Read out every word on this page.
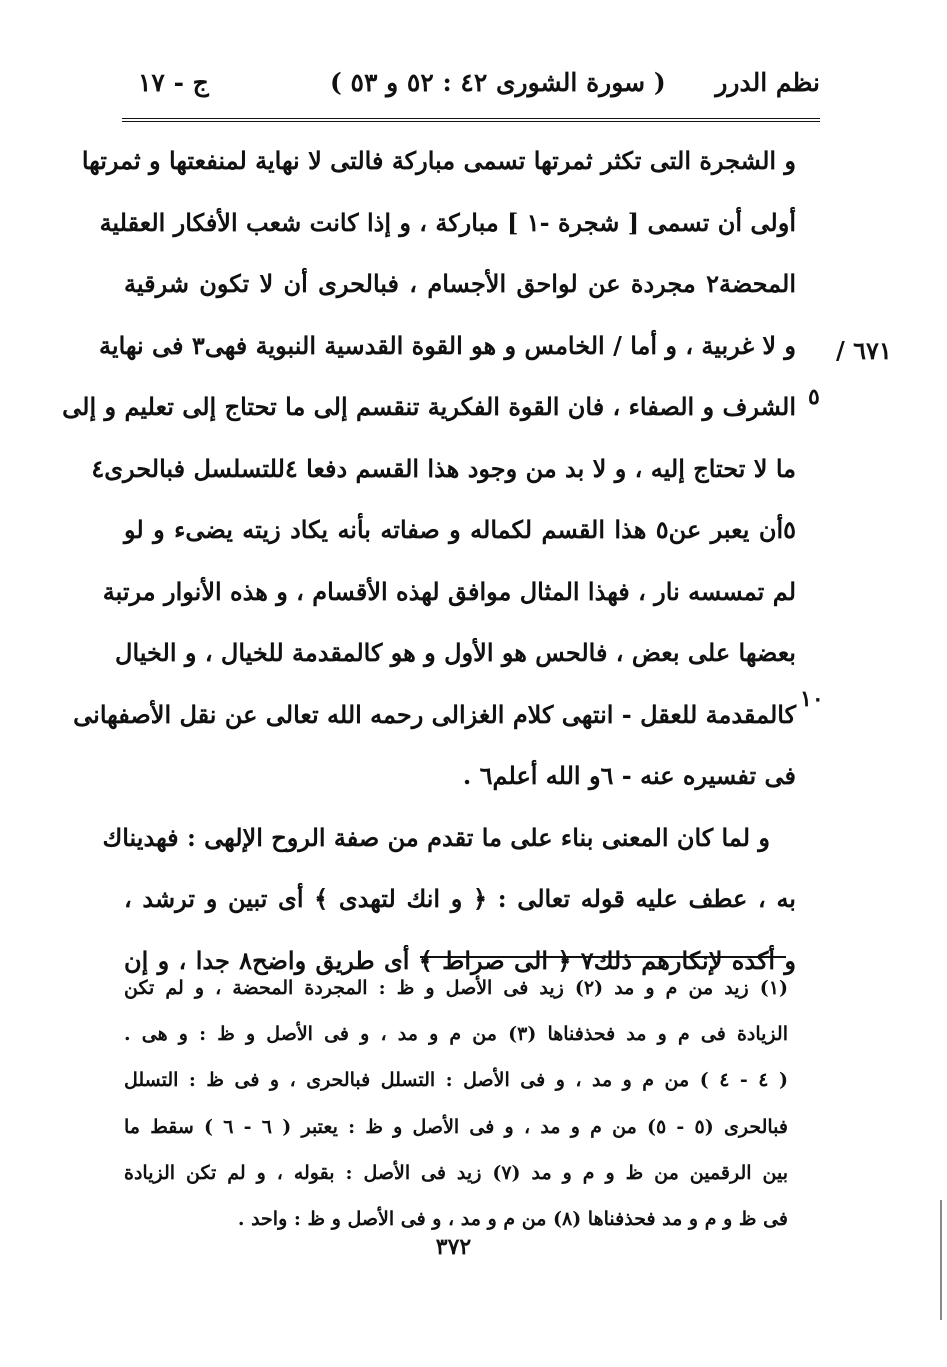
نظم الدرر
( سورة الشورى ٤٢ : ٥٢ و ٥٣ )
ج - ١٧
/ ٦٧١
٥
١٠
و الشجرة التى تكثر ثمرتها تسمى مباركة فالتى لا نهاية لمنفعتها و ثمرتها
أولى أن تسمى [ شجرة -١ ] مباركة ، و إذا كانت شعب الأفكار العقلية
المحضة٢ مجردة عن لواحق الأجسام ، فبالحرى أن لا تكون شرقية
و لا غربية ، و أما / الخامس و هو القوة القدسية النبوية فهى٣ فى نهاية
الشرف و الصفاء ، فان القوة الفكرية تنقسم إلى ما تحتاج إلى تعليم و إلى
ما لا تحتاج إليه ، و لا بد من وجود هذا القسم دفعا ٤للتسلسل فبالحرى٤
٥أن يعبر عن٥ هذا القسم لكماله و صفاته بأنه يكاد زيته يضىء و لو
لم تمسسه نار ، فهذا المثال موافق لهذه الأقسام ، و هذه الأنوار مرتبة
بعضها على بعض ، فالحس هو الأول و هو كالمقدمة للخيال ، و الخيال
كالمقدمة للعقل - انتهى كلام الغزالى رحمه الله تعالى عن نقل الأصفهانى
فى تفسيره عنه - ٦و الله أعلم٦ .
و لما كان المعنى بناء على ما تقدم من صفة الروح الإلهى : فهديناك
به ، عطف عليه قوله تعالى : ﴿ و انك لتهدى ﴾ أى تبين و ترشد ،
و أكده لإنكارهم ذلك٧ ﴿ الى صراط ﴾ أى طريق واضح٨ جدا ، و إن
(١) زيد من م و مد (٢) زيد فى الأصل و ظ : المجردة المحضة ، و لم تكن
الزيادة فى م و مد فحذفناها (٣) من م و مد ، و فى الأصل و ظ : و هى .
( ٤ - ٤ ) من م و مد ، و فى الأصل : التسلل فبالحرى ، و فى ظ : التسلل
فبالحرى (٥ - ٥) من م و مد ، و فى الأصل و ظ : يعتبر ( ٦ - ٦ ) سقط ما
بين الرقمين من ظ و م و مد (٧) زيد فى الأصل : بقوله ، و لم تكن الزيادة
فى ظ و م و مد فحذفناها (٨) من م و مد ، و فى الأصل و ظ : واحد .
٣٧٢
